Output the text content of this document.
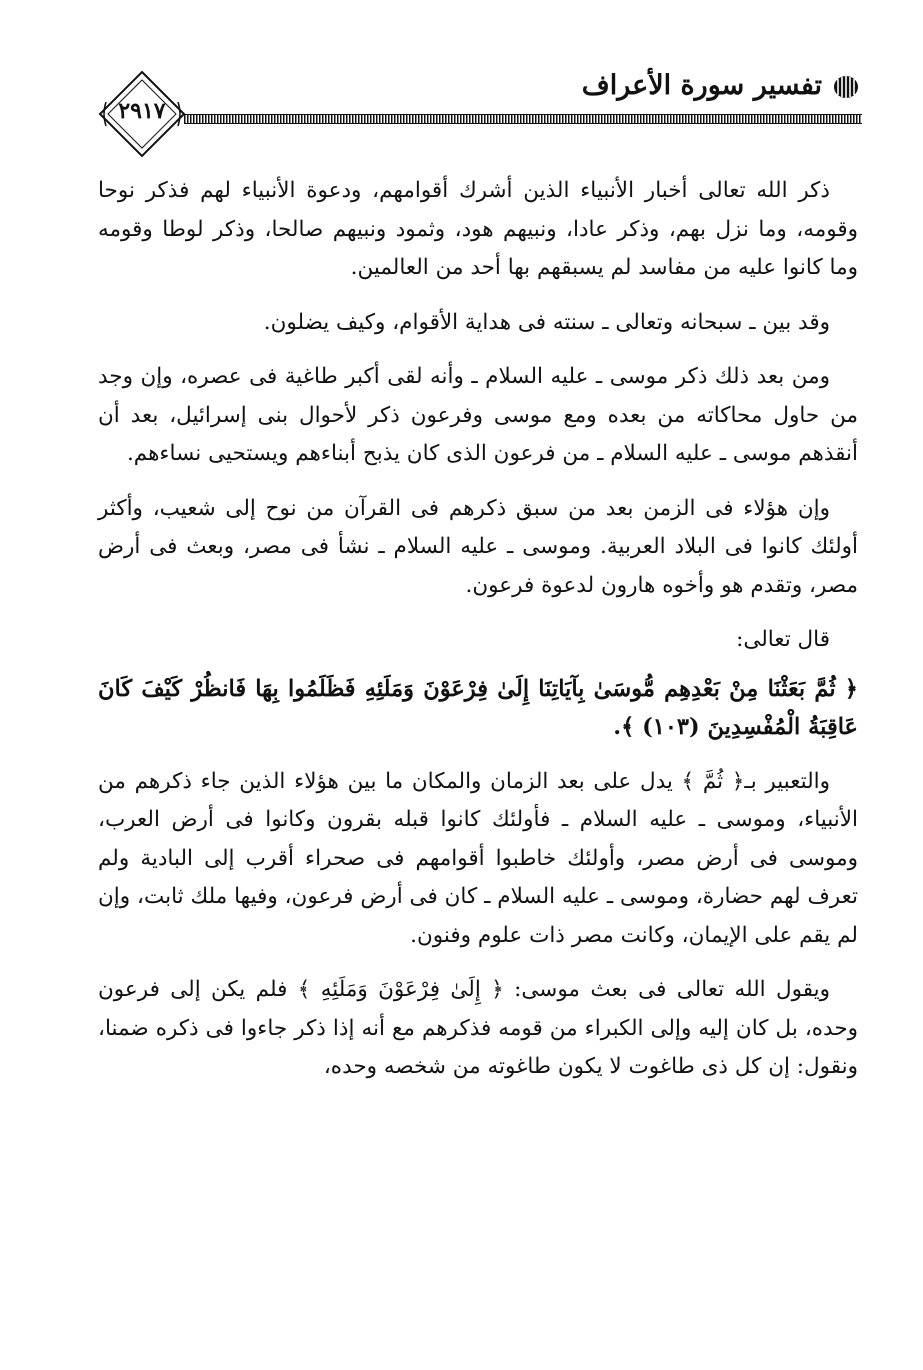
تفسير سورة الأعراف
٢٩١٧

ذكر الله تعالى أخبار الأنبياء الذين أشرك أقوامهم، ودعوة الأنبياء لهم فذكر نوحا وقومه، وما نزل بهم، وذكر عادا، ونبيهم هود، وثمود ونبيهم صالحا، وذكر لوطا وقومه وما كانوا عليه من مفاسد لم يسبقهم بها أحد من العالمين.

وقد بين ـ سبحانه وتعالى ـ سنته فى هداية الأقوام، وكيف يضلون.

ومن بعد ذلك ذكر موسى ـ عليه السلام ـ وأنه لقى أكبر طاغية فى عصره، وإن وجد من حاول محاكاته من بعده ومع موسى وفرعون ذكر لأحوال بنى إسرائيل، بعد أن أنقذهم موسى ـ عليه السلام ـ من فرعون الذى كان يذبح أبناءهم ويستحيى نساءهم.

وإن هؤلاء فى الزمن بعد من سبق ذكرهم فى القرآن من نوح إلى شعيب، وأكثر أولئك كانوا فى البلاد العربية. وموسى ـ عليه السلام ـ نشأ فى مصر، وبعث فى أرض مصر، وتقدم هو وأخوه هارون لدعوة فرعون.

قال تعالى:

﴿ ثُمَّ بَعَثْنَا مِنْ بَعْدِهِم مُّوسَىٰ بِآيَاتِنَا إِلَىٰ فِرْعَوْنَ وَمَلَئِهِ فَظَلَمُوا بِهَا فَانظُرْ كَيْفَ كَانَ عَاقِبَةُ الْمُفْسِدِينَ (١٠٣) ﴾.

والتعبير بـ﴿ ثُمَّ ﴾ يدل على بعد الزمان والمكان ما بين هؤلاء الذين جاء ذكرهم من الأنبياء، وموسى ـ عليه السلام ـ فأولئك كانوا قبله بقرون وكانوا فى أرض العرب، وموسى فى أرض مصر، وأولئك خاطبوا أقوامهم فى صحراء أقرب إلى البادية ولم تعرف لهم حضارة، وموسى ـ عليه السلام ـ كان فى أرض فرعون، وفيها ملك ثابت، وإن لم يقم على الإيمان، وكانت مصر ذات علوم وفنون.

ويقول الله تعالى فى بعث موسى: ﴿ إِلَىٰ فِرْعَوْنَ وَمَلَئِهِ ﴾ فلم يكن إلى فرعون وحده، بل كان إليه وإلى الكبراء من قومه فذكرهم مع أنه إذا ذكر جاءوا فى ذكره ضمنا، ونقول: إن كل ذى طاغوت لا يكون طاغوته من شخصه وحده،
